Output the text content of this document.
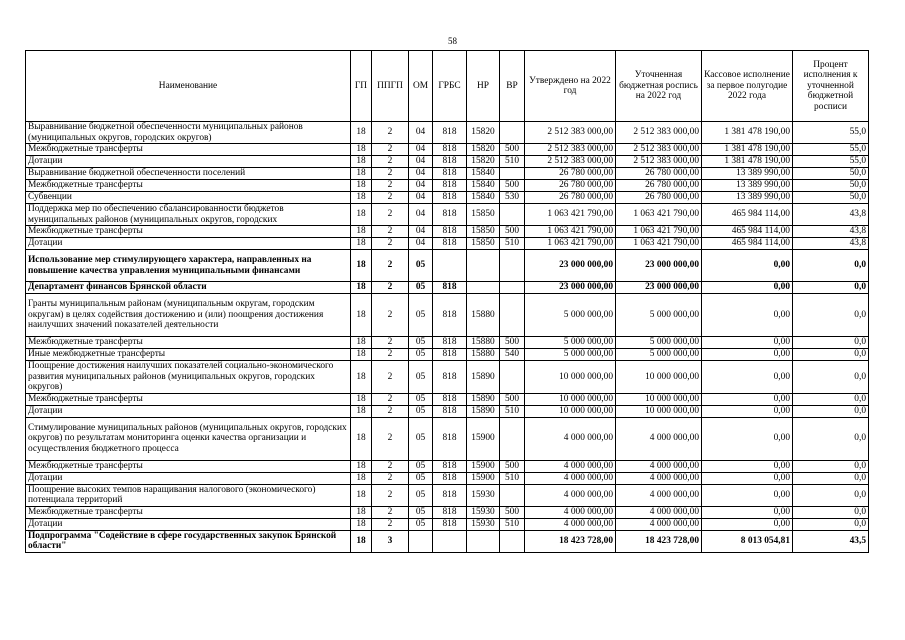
58
Наименование	ГП	ППГП	ОМ	ГРБС	НР	ВР	Утверждено на 2022 год	Уточненная бюджетная роспись на 2022 год	Кассовое исполнение за первое полугодие 2022 года	Процент исполнения к уточненной бюджетной росписи
Выравнивание бюджетной обеспеченности муниципальных районов (муниципальных округов, городских округов)	18	2	04	818	15820		2 512 383 000,00	2 512 383 000,00	1 381 478 190,00	55,0
Межбюджетные трансферты	18	2	04	818	15820	500	2 512 383 000,00	2 512 383 000,00	1 381 478 190,00	55,0
Дотации	18	2	04	818	15820	510	2 512 383 000,00	2 512 383 000,00	1 381 478 190,00	55,0
Выравнивание бюджетной обеспеченности поселений	18	2	04	818	15840		26 780 000,00	26 780 000,00	13 389 990,00	50,0
Межбюджетные трансферты	18	2	04	818	15840	500	26 780 000,00	26 780 000,00	13 389 990,00	50,0
Субвенции	18	2	04	818	15840	530	26 780 000,00	26 780 000,00	13 389 990,00	50,0
Поддержка мер по обеспечению сбалансированности бюджетов муниципальных районов (муниципальных округов, городских	18	2	04	818	15850		1 063 421 790,00	1 063 421 790,00	465 984 114,00	43,8
Межбюджетные трансферты	18	2	04	818	15850	500	1 063 421 790,00	1 063 421 790,00	465 984 114,00	43,8
Дотации	18	2	04	818	15850	510	1 063 421 790,00	1 063 421 790,00	465 984 114,00	43,8
Использование мер стимулирующего характера, направленных на повышение качества управления муниципальными финансами	18	2	05				23 000 000,00	23 000 000,00	0,00	0,0
Департамент финансов Брянской области	18	2	05	818			23 000 000,00	23 000 000,00	0,00	0,0
Гранты муниципальным районам (муниципальным округам, городским округам) в целях содействия достижению и (или) поощрения достижения наилучших значений показателей деятельности	18	2	05	818	15880		5 000 000,00	5 000 000,00	0,00	0,0
Межбюджетные трансферты	18	2	05	818	15880	500	5 000 000,00	5 000 000,00	0,00	0,0
Иные межбюджетные трансферты	18	2	05	818	15880	540	5 000 000,00	5 000 000,00	0,00	0,0
Поощрение достижения наилучших показателей социально-экономического развития муниципальных районов (муниципальных округов, городских округов)	18	2	05	818	15890		10 000 000,00	10 000 000,00	0,00	0,0
Межбюджетные трансферты	18	2	05	818	15890	500	10 000 000,00	10 000 000,00	0,00	0,0
Дотации	18	2	05	818	15890	510	10 000 000,00	10 000 000,00	0,00	0,0
Стимулирование муниципальных районов (муниципальных округов, городских округов) по результатам мониторинга оценки качества организации и осуществления бюджетного процесса	18	2	05	818	15900		4 000 000,00	4 000 000,00	0,00	0,0
Межбюджетные трансферты	18	2	05	818	15900	500	4 000 000,00	4 000 000,00	0,00	0,0
Дотации	18	2	05	818	15900	510	4 000 000,00	4 000 000,00	0,00	0,0
Поощрение высоких темпов наращивания налогового (экономического) потенциала территорий	18	2	05	818	15930		4 000 000,00	4 000 000,00	0,00	0,0
Межбюджетные трансферты	18	2	05	818	15930	500	4 000 000,00	4 000 000,00	0,00	0,0
Дотации	18	2	05	818	15930	510	4 000 000,00	4 000 000,00	0,00	0,0
Подпрограмма "Содействие в сфере государственных закупок Брянской области"	18	3					18 423 728,00	18 423 728,00	8 013 054,81	43,5
